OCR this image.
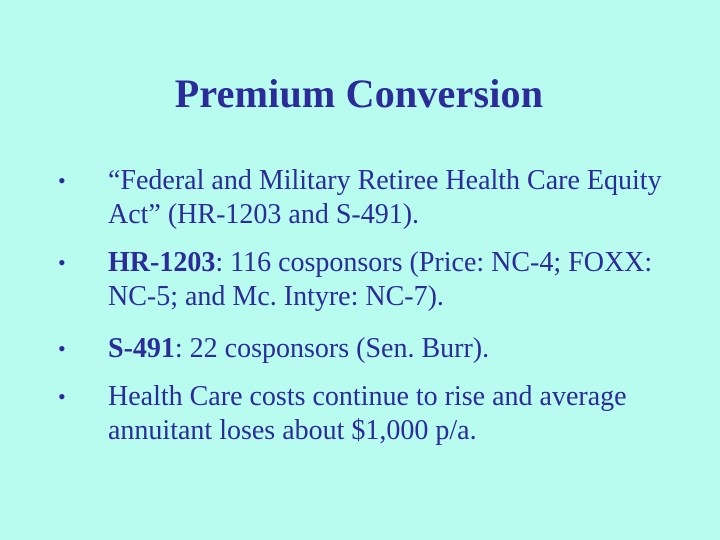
Premium Conversion
• “Federal and Military Retiree Health Care Equity Act” (HR-1203 and S-491).
• HR-1203: 116 cosponsors (Price: NC-4; FOXX: NC-5; and Mc. Intyre: NC-7).
• S-491: 22 cosponsors (Sen. Burr).
• Health Care costs continue to rise and average annuitant loses about $1,000 p/a.
